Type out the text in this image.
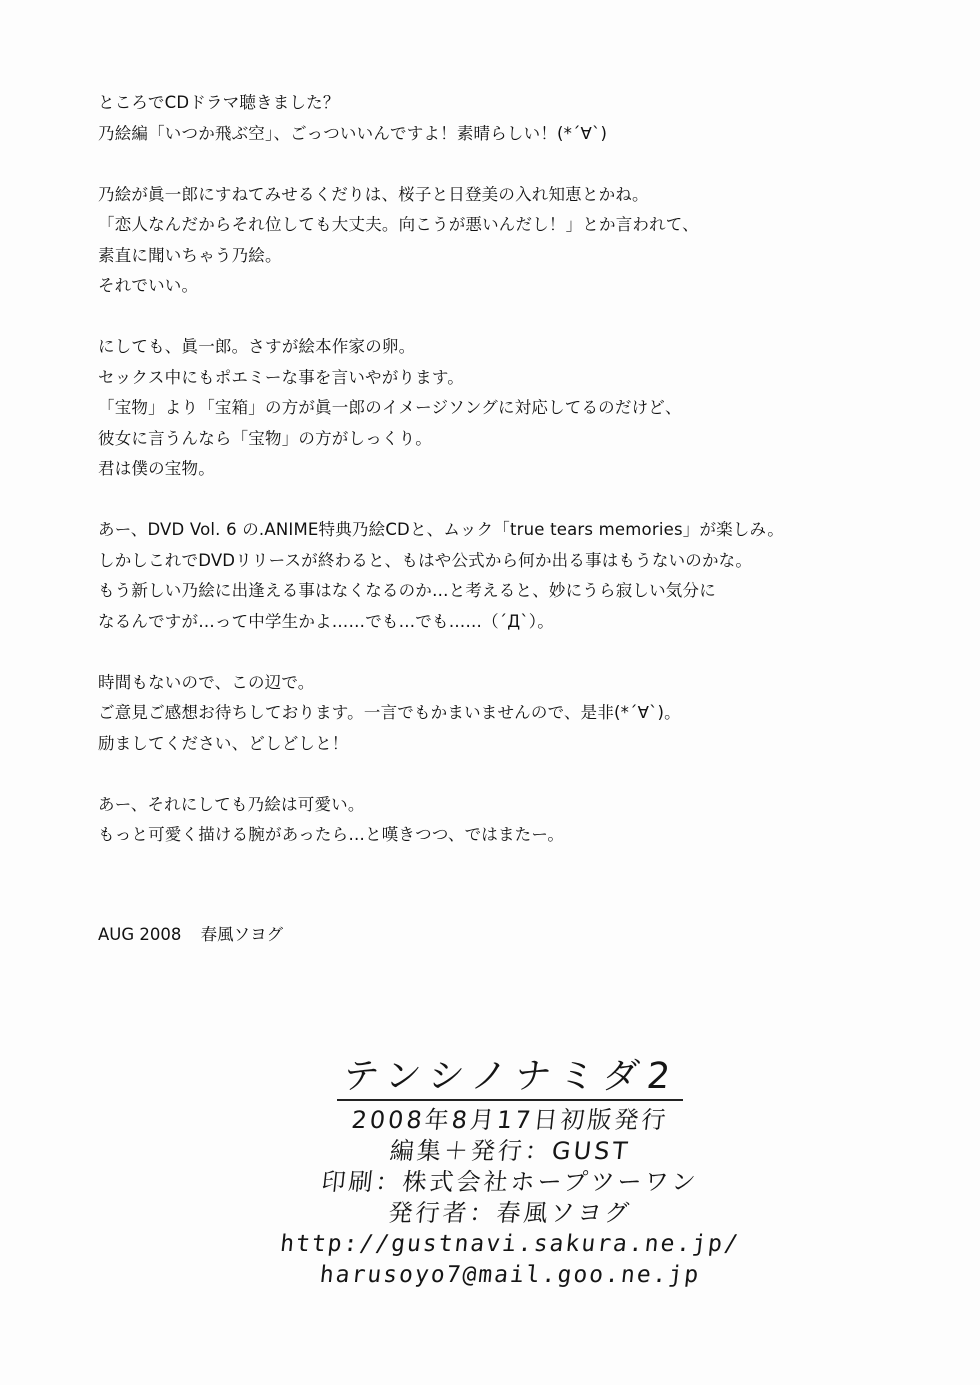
ところでCDドラマ聴きました？
乃絵編「いつか飛ぶ空」、ごっついいんですよ！素晴らしい！(*´∀`)
乃絵が眞一郎にすねてみせるくだりは、桜子と日登美の入れ知恵とかね。
「恋人なんだからそれ位しても大丈夫。向こうが悪いんだし！」とか言われて、
素直に聞いちゃう乃絵。
それでいい。
にしても、眞一郎。さすが絵本作家の卵。
セックス中にもポエミーな事を言いやがります。
「宝物」より「宝箱」の方が眞一郎のイメージソングに対応してるのだけど、
彼女に言うんなら「宝物」の方がしっくり。
君は僕の宝物。
あー、DVD Vol. 6 の.ANIME特典乃絵CDと、ムック「true tears memories」が楽しみ。
しかしこれでDVDリリースが終わると、もはや公式から何か出る事はもうないのかな。
もう新しい乃絵に出逢える事はなくなるのか…と考えると、妙にうら寂しい気分に
なるんですが…って中学生かよ……でも…でも……（´Д`）。
時間もないので、この辺で。
ご意見ご感想お待ちしております。一言でもかまいませんので、是非(*´∀`)。
励ましてください、どしどしと！
あー、それにしても乃絵は可愛い。
もっと可愛く描ける腕があったら…と嘆きつつ、ではまたー。
AUG 2008 春風ソヨグ
テンシノナミダ2
2008年8月17日初版発行
編集＋発行：GUST
印刷：株式会社ホープツーワン
発行者：春風ソヨグ
http://gustnavi.sakura.ne.jp/
harusoyo7@mail.goo.ne.jp
